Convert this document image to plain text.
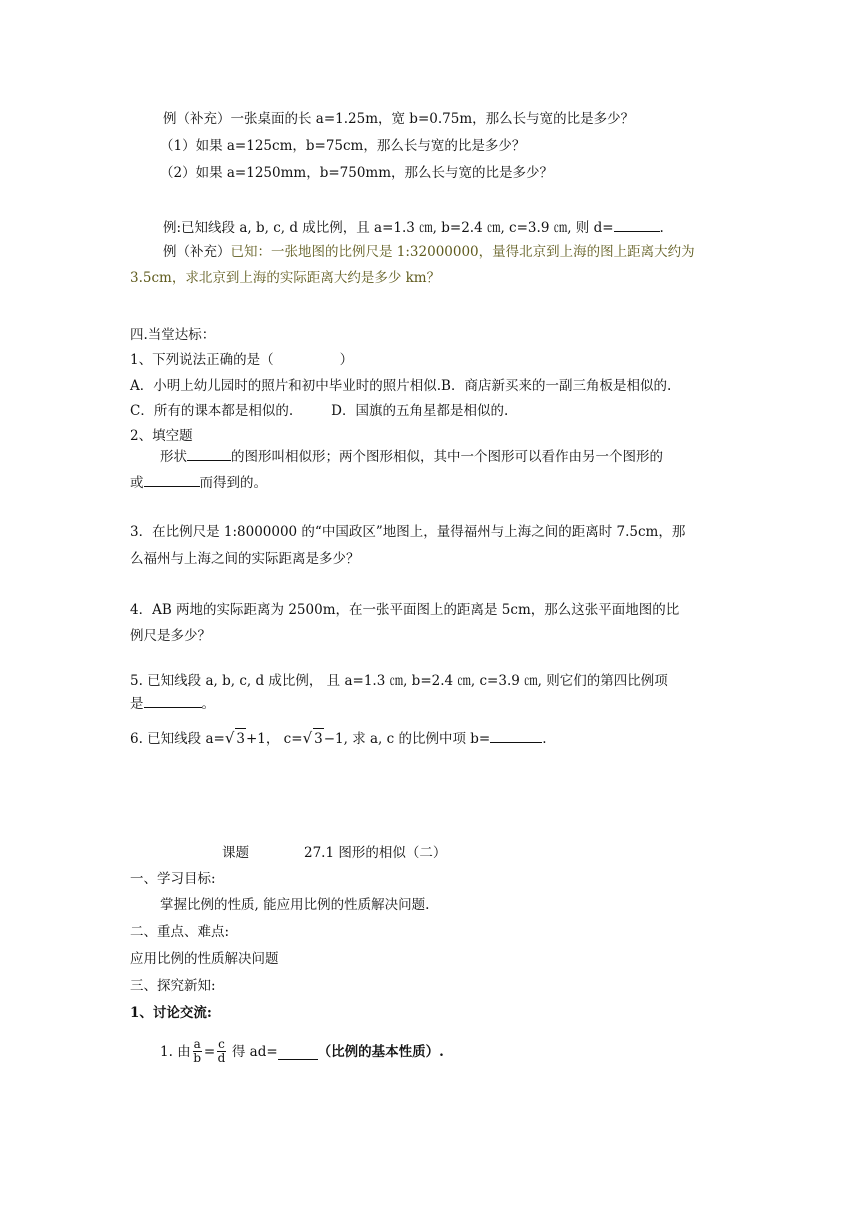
例（补充）一张桌面的长 a=1.25m，宽 b=0.75m，那么长与宽的比是多少？
（1）如果 a=125cm，b=75cm，那么长与宽的比是多少？
（2）如果 a=1250mm，b=750mm，那么长与宽的比是多少？
例:已知线段 a, b, c, d 成比例，且 a=1.3 ㎝, b=2.4 ㎝, c=3.9 ㎝, 则 d=	.
例（补充）已知：一张地图的比例尺是 1:32000000，量得北京到上海的图上距离大约为
3.5cm，求北京到上海的实际距离大约是多少 km？
四.当堂达标：
1、下列说法正确的是（	）
A．小明上幼儿园时的照片和初中毕业时的照片相似.B．商店新买来的一副三角板是相似的.
C．所有的课本都是相似的.	D．国旗的五角星都是相似的.
2、填空题
形状	的图形叫相似形；两个图形相似，其中一个图形可以看作由另一个图形的
或	而得到的。
3．在比例尺是 1:8000000 的“中国政区”地图上，量得福州与上海之间的距离时 7.5cm，那
么福州与上海之间的实际距离是多少？
4．AB 两地的实际距离为 2500m，在一张平面图上的距离是 5cm，那么这张平面地图的比
例尺是多少？
5. 已知线段 a, b, c, d 成比例， 且 a=1.3 ㎝, b=2.4 ㎝, c=3.9 ㎝, 则它们的第四比例项
是	。
6. 已知线段 a=√ 3+1， c=√ 3−1, 求 a, c 的比例中项 b=	.
课题	27.1 图形的相似（二）
一、学习目标:
掌握比例的性质, 能应用比例的性质解决问题.
二、重点、难点:
应用比例的性质解决问题
三、探究新知:
1、讨论交流:
1. 由 $\frac{a}{b} = \frac{c}{d}$ 得 ad=	（比例的基本性质）.
